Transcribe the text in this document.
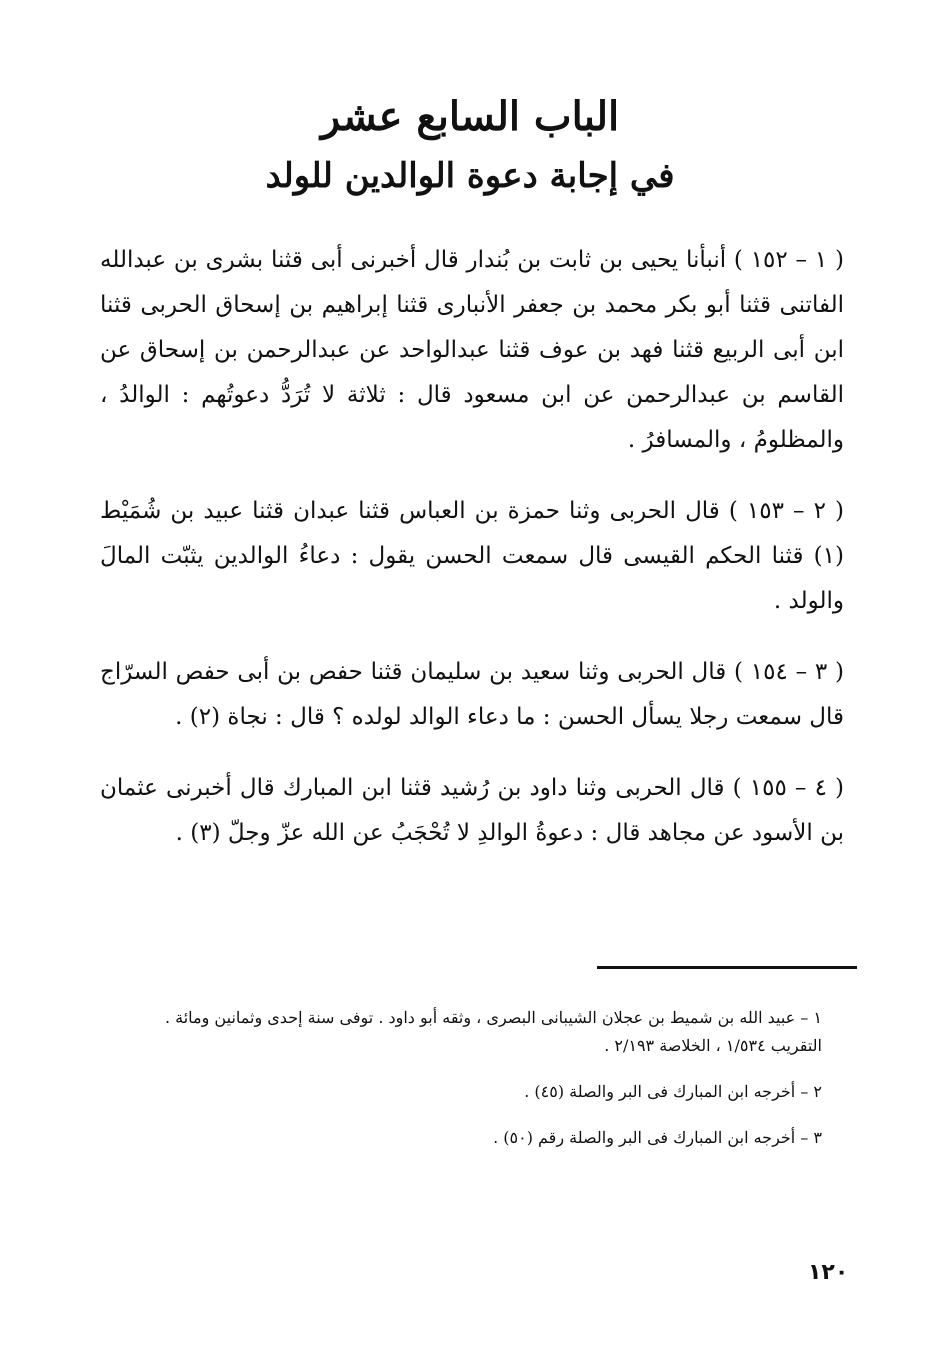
الباب السابع عشر
في إجابة دعوة الوالدين للولد

( ١ – ١٥٢ ) أنبأنا يحيى بن ثابت بن بُندار قال أخبرنى أبى قثنا بشرى بن عبدالله الفاتنى قثنا أبو بكر محمد بن جعفر الأنبارى قثنا إبراهيم بن إسحاق الحربى قثنا ابن أبى الربيع قثنا فهد بن عوف قثنا عبدالواحد عن عبدالرحمن بن إسحاق عن القاسم بن عبدالرحمن عن ابن مسعود قال : ثلاثة لا تُرَدُّ دعوتُهم : الوالدُ ، والمظلومُ ، والمسافرُ .

( ٢ – ١٥٣ ) قال الحربى وثنا حمزة بن العباس قثنا عبدان قثنا عبيد بن شُمَيْط (١) قثنا الحكم القيسى قال سمعت الحسن يقول : دعاءُ الوالدين يثبّت المالَ والولد .

( ٣ – ١٥٤ ) قال الحربى وثنا سعيد بن سليمان قثنا حفص بن أبى حفص السرّاج قال سمعت رجلا يسأل الحسن : ما دعاء الوالد لولده ؟ قال : نجاة (٢) .

( ٤ – ١٥٥ ) قال الحربى وثنا داود بن رُشيد قثنا ابن المبارك قال أخبرنى عثمان بن الأسود عن مجاهد قال : دعوةُ الوالدِ لا تُحْجَبُ عن الله عزّ وجلّ (٣) .

١ – عبيد الله بن شميط بن عجلان الشيبانى البصرى ، وثقه أبو داود . توفى سنة إحدى وثمانين ومائة .

التقريب ١/٥٣٤ ، الخلاصة ٢/١٩٣ .

٢ – أخرجه ابن المبارك فى البر والصلة (٤٥) .

٣ – أخرجه ابن المبارك فى البر والصلة رقم (٥٠) .

١٢٠
